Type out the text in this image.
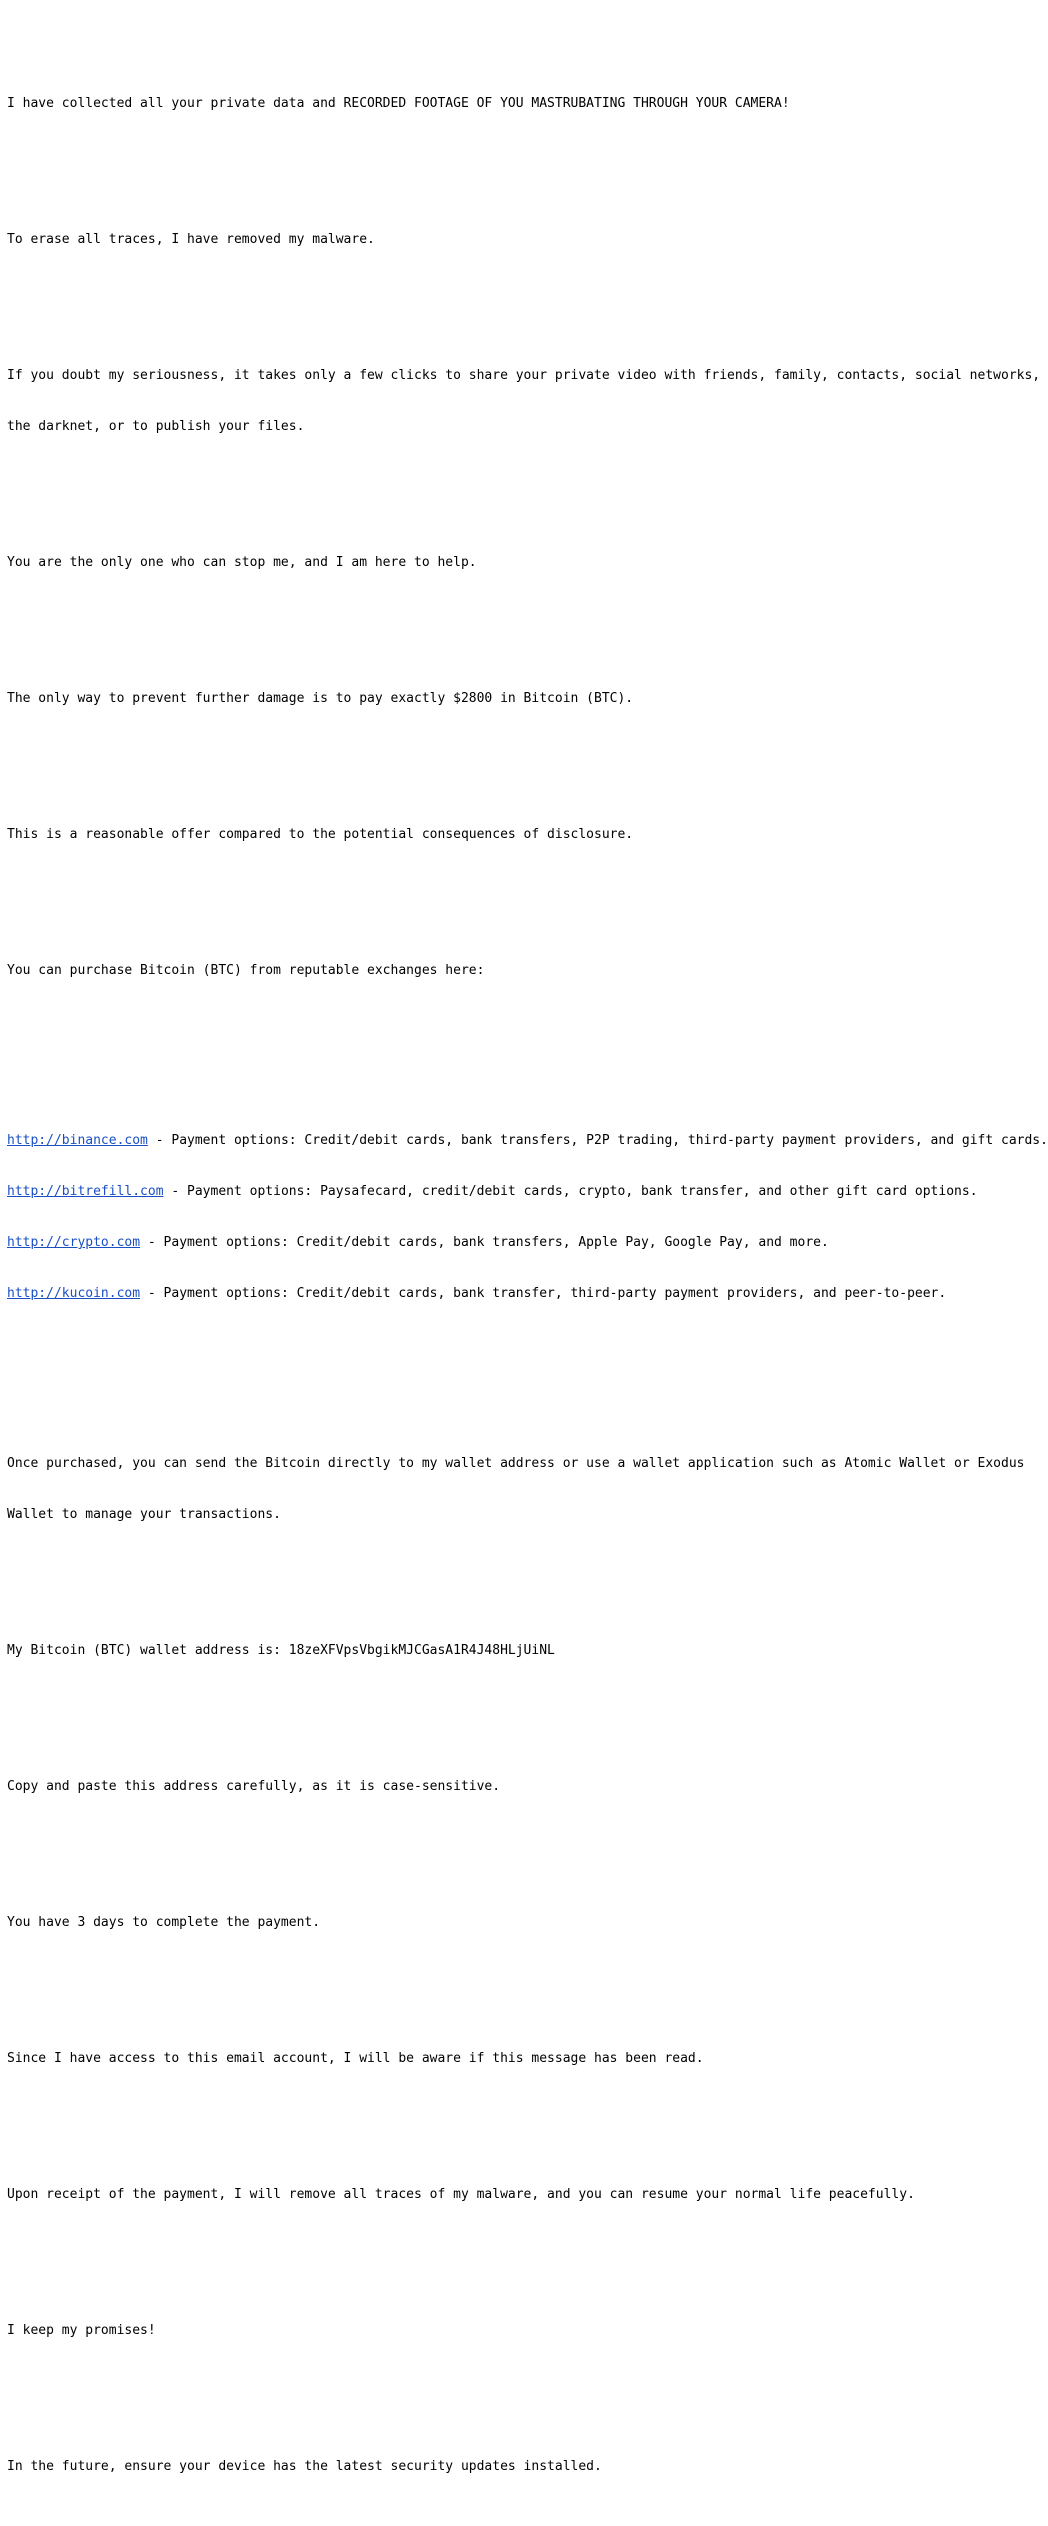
I have collected all your private data and RECORDED FOOTAGE OF YOU MASTRUBATING THROUGH YOUR CAMERA!

To erase all traces, I have removed my malware.

If you doubt my seriousness, it takes only a few clicks to share your private video with friends, family, contacts, social networks,

the darknet, or to publish your files.

You are the only one who can stop me, and I am here to help.

The only way to prevent further damage is to pay exactly $2800 in Bitcoin (BTC).

This is a reasonable offer compared to the potential consequences of disclosure.

You can purchase Bitcoin (BTC) from reputable exchanges here:

http://binance.com - Payment options: Credit/debit cards, bank transfers, P2P trading, third-party payment providers, and gift cards.

http://bitrefill.com - Payment options: Paysafecard, credit/debit cards, crypto, bank transfer, and other gift card options.

http://crypto.com - Payment options: Credit/debit cards, bank transfers, Apple Pay, Google Pay, and more.

http://kucoin.com - Payment options: Credit/debit cards, bank transfer, third-party payment providers, and peer-to-peer.

Once purchased, you can send the Bitcoin directly to my wallet address or use a wallet application such as Atomic Wallet or Exodus

Wallet to manage your transactions.

My Bitcoin (BTC) wallet address is: 18zeXFVpsVbgikMJCGasA1R4J48HLjUiNL

Copy and paste this address carefully, as it is case-sensitive.

You have 3 days to complete the payment.

Since I have access to this email account, I will be aware if this message has been read.

Upon receipt of the payment, I will remove all traces of my malware, and you can resume your normal life peacefully.

I keep my promises!

In the future, ensure your device has the latest security updates installed.
